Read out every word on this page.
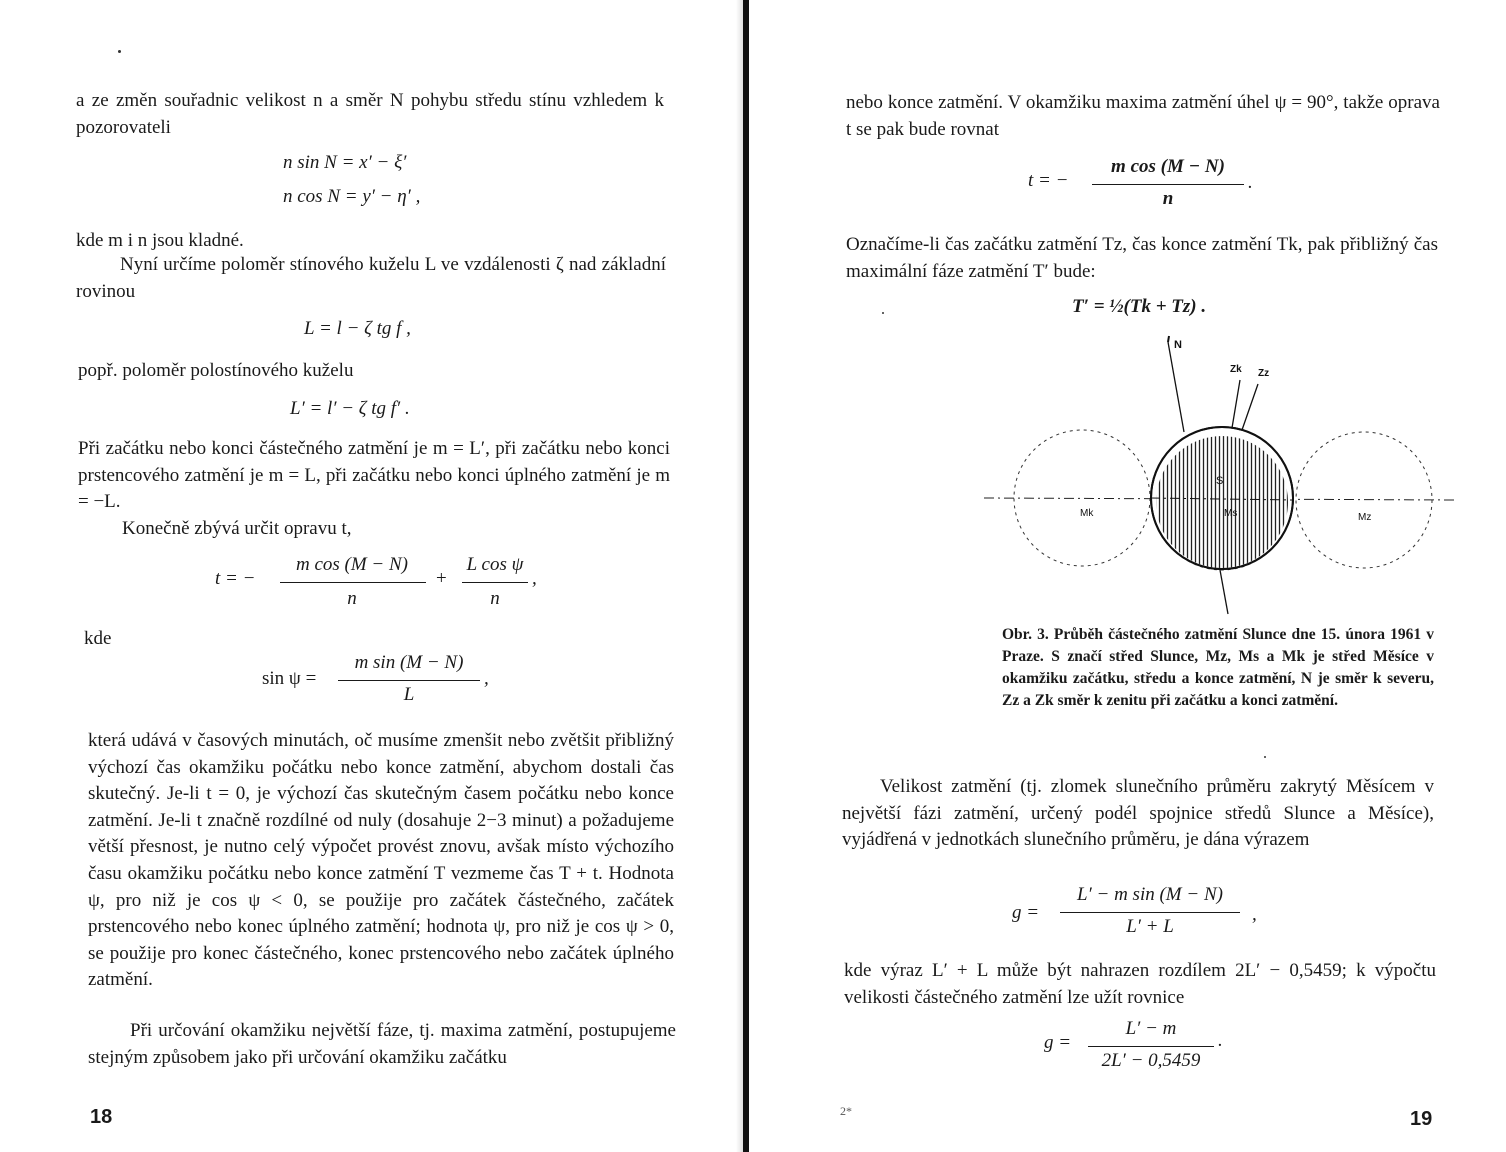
a ze změn souřadnic velikost n a směr N pohybu středu stínu vzhledem k pozorovateli
n sin N = x′ − ξ′
n cos N = y′ − η′ ,
kde m i n jsou kladné.
Nyní určíme poloměr stínového kuželu L ve vzdálenosti ζ nad základní rovinou
L = l − ζ tg f ,
popř. poloměr polostínového kuželu
L′ = l′ − ζ tg f′ .
Při začátku nebo konci částečného zatmění je m = L′, při začátku nebo konci prstencového zatmění je m = L, při začátku nebo konci úplného zatmění je m = −L.
Konečně zbývá určit opravu t,
t = −
m cos (M − N)
n
+
L cos ψ
n
,
kde
sin ψ =
m sin (M − N)
L
,
která udává v časových minutách, oč musíme zmenšit nebo zvětšit přibližný výchozí čas okamžiku počátku nebo konce zatmění, abychom dostali čas skutečný. Je-li t = 0, je výchozí čas skutečným časem počátku nebo konce zatmění. Je-li t značně rozdílné od nuly (dosahuje 2−3 minut) a požadujeme větší přesnost, je nutno celý výpočet provést znovu, avšak místo výchozího času okamžiku počátku nebo konce zatmění T vezmeme čas T + t. Hodnota ψ, pro niž je cos ψ < 0, se použije pro začátek částečného, začátek prstencového nebo konec úplného zatmění; hodnota ψ, pro niž je cos ψ > 0, se použije pro konec částečného, konec prstencového nebo začátek úplného zatmění.
Při určování okamžiku největší fáze, tj. maxima zatmění, postupujeme stejným způsobem jako při určování okamžiku začátku
18
nebo konce zatmění. V okamžiku maxima zatmění úhel ψ = 90°, takže oprava t se pak bude rovnat
t = −
m cos (M − N)
n
.
Označíme-li čas začátku zatmění Tz, čas konce zatmění Tk, pak přibližný čas maximální fáze zatmění T′ bude:
T′ = ½(Tk + Tz) .
N
Zk Zz
S
Mk	Ms	Mz
Obr. 3. Průběh částečného zatmění Slunce dne 15. února 1961 v Praze. S značí střed Slunce, Mz, Ms a Mk je střed Měsíce v okamžiku začátku, středu a konce zatmění, N je směr k severu, Zz a Zk směr k zenitu při začátku a konci zatmění.
Velikost zatmění (tj. zlomek slunečního průměru zakrytý Měsícem v největší fázi zatmění, určený podél spojnice středů Slunce a Měsíce), vyjádřená v jednotkách slunečního průměru, je dána výrazem
g =
L′ − m sin (M − N)
L′ + L
,
kde výraz L′ + L může být nahrazen rozdílem 2L′ − 0,5459; k výpočtu velikosti částečného zatmění lze užít rovnice
g =
L′ − m
2L′ − 0,5459
.
2*	19
